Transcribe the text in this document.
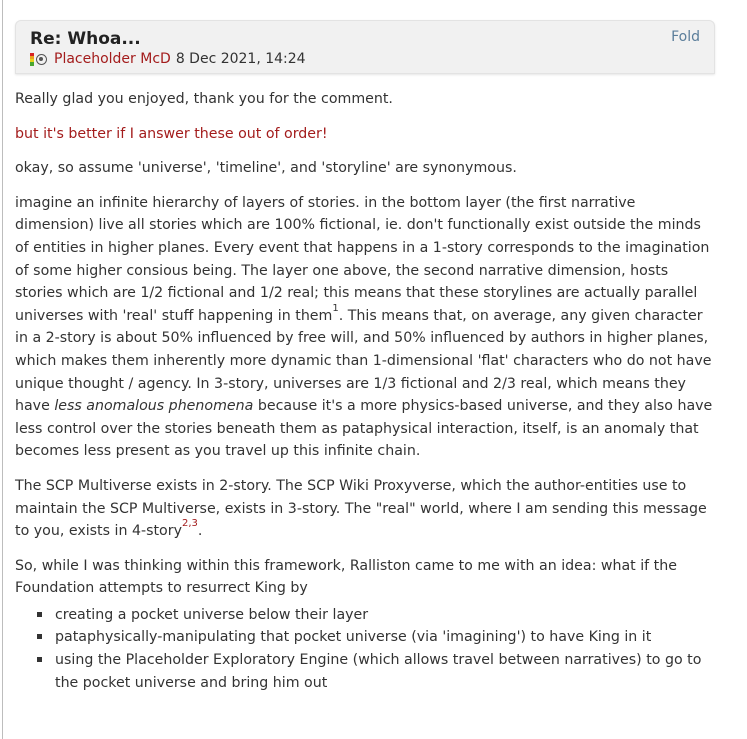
Re: Whoa...	Fold
Placeholder McD 8 Dec 2021, 14:24

Really glad you enjoyed, thank you for the comment.

but it's better if I answer these out of order!

okay, so assume 'universe', 'timeline', and 'storyline' are synonymous.

imagine an infinite hierarchy of layers of stories. in the bottom layer (the first narrative dimension) live all stories which are 100% fictional, ie. don't functionally exist outside the minds of entities in higher planes. Every event that happens in a 1-story corresponds to the imagination of some higher consious being. The layer one above, the second narrative dimension, hosts stories which are 1/2 fictional and 1/2 real; this means that these storylines are actually parallel universes with 'real' stuff happening in them$^1$. This means that, on average, any given character in a 2-story is about 50% influenced by free will, and 50% influenced by authors in higher planes, which makes them inherently more dynamic than 1-dimensional 'flat' characters who do not have unique thought / agency. In 3-story, universes are 1/3 fictional and 2/3 real, which means they have less anomalous phenomena because it's a more physics-based universe, and they also have less control over the stories beneath them as pataphysical interaction, itself, is an anomaly that becomes less present as you travel up this infinite chain.

The SCP Multiverse exists in 2-story. The SCP Wiki Proxyverse, which the author-entities use to maintain the SCP Multiverse, exists in 3-story. The "real" world, where I am sending this message to you, exists in 4-story$^{2,3}$.

So, while I was thinking within this framework, Ralliston came to me with an idea: what if the Foundation attempts to resurrect King by

creating a pocket universe below their layer
pataphysically-manipulating that pocket universe (via 'imagining') to have King in it
using the Placeholder Exploratory Engine (which allows travel between narratives) to go to the pocket universe and bring him out
